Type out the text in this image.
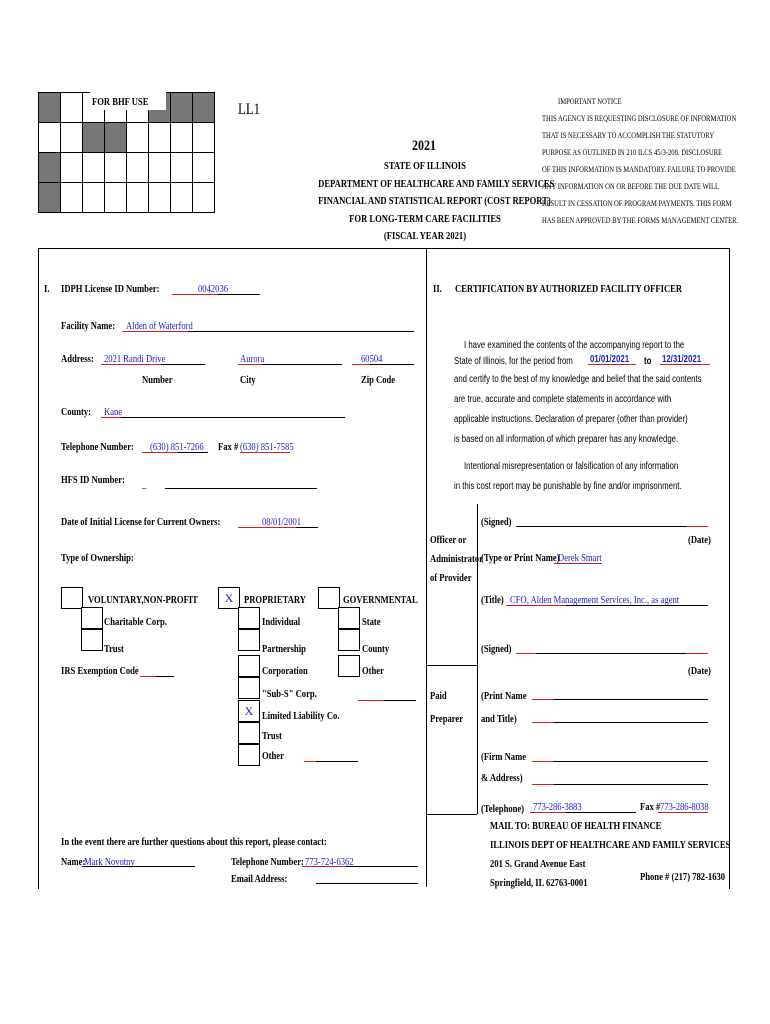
FOR BHF USE	LL1
2021
STATE OF ILLINOIS
DEPARTMENT OF HEALTHCARE AND FAMILY SERVICES
FINANCIAL AND STATISTICAL REPORT (COST REPORT)
FOR LONG-TERM CARE FACILITIES
(FISCAL YEAR 2021)
IMPORTANT NOTICE
THIS AGENCY IS REQUESTING DISCLOSURE OF INFORMATION
THAT IS NECESSARY TO ACCOMPLISH THE STATUTORY
PURPOSE AS OUTLINED IN 210 ILCS 45/3-208. DISCLOSURE
OF THIS INFORMATION IS MANDATORY. FAILURE TO PROVIDE
ANY INFORMATION ON OR BEFORE THE DUE DATE WILL
RESULT IN CESSATION OF PROGRAM PAYMENTS. THIS FORM
HAS BEEN APPROVED BY THE FORMS MANAGEMENT CENTER.
I. IDPH License ID Number:	0042036
Facility Name: Alden of Waterford
Address: 2021 Randi Drive	Aurora	60504
Number	City	Zip Code
County:	Kane
Telephone Number:	(630) 851-7266	Fax # (630) 851-7585
HFS ID Number:	_
Date of Initial License for Current Owners:	08/01/2001
Type of Ownership:
VOLUNTARY,NON-PROFIT
Charitable Corp.
Trust
IRS Exemption Code
X PROPRIETARY
Individual
Partnership
Corporation
"Sub-S" Corp.
X Limited Liability Co.
Trust
Other
GOVERNMENTAL
State
County
Other
In the event there are further questions about this report, please contact:
Name:
Mark Novotny	Telephone Number: 773-724-6362
Email Address:
II. CERTIFICATION BY AUTHORIZED FACILITY OFFICER
I have examined the contents of the accompanying report to the
State of Illinois, for the period from	01/01/2021	to 12/31/2021
and certify to the best of my knowledge and belief that the said contents
are true, accurate and complete statements in accordance with
applicable instructions. Declaration of preparer (other than provider)
is based on all information of which preparer has any knowledge.
Intentional misrepresentation or falsification of any information
in this cost report may be punishable by fine and/or imprisonment.
Officer or
Administrator
of Provider
(Signed)
(Date)
(Type or Print Name)
Derek Smart
(Title) CFO, Alden Management Services, Inc., as agent
(Signed)
(Date)
Paid
Preparer
(Print Name
and Title)
(Firm Name
& Address)
(Telephone) 773-286-3883	Fax # 773-286-8038
MAIL TO: BUREAU OF HEALTH FINANCE
ILLINOIS DEPT OF HEALTHCARE AND FAMILY SERVICES
201 S. Grand Avenue East
Springfield, IL 62763-0001	Phone # (217) 782-1630
